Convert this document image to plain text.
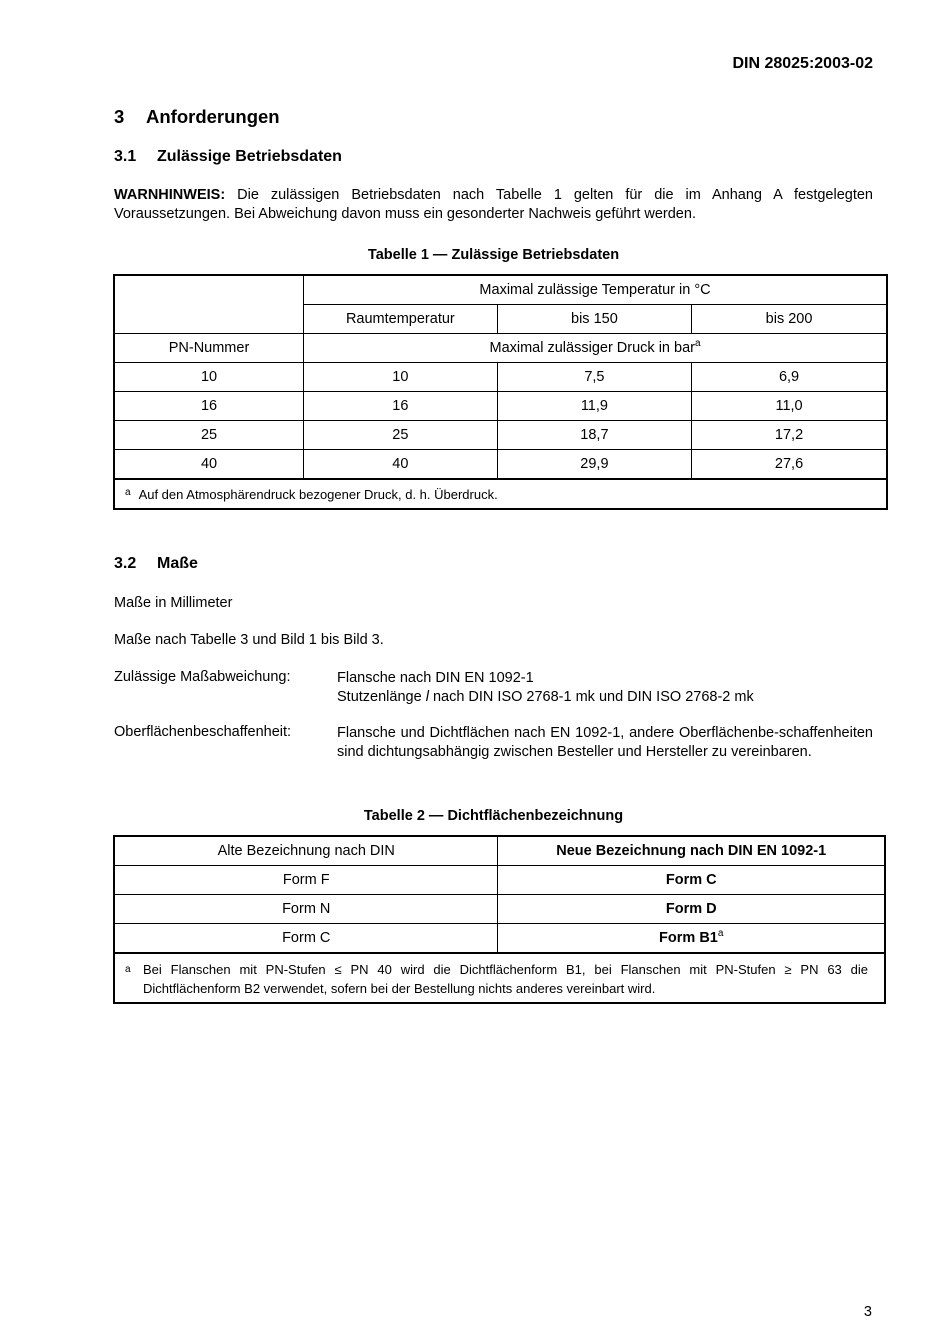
DIN 28025:2003-02
3 Anforderungen
3.1 Zulässige Betriebsdaten
WARNHINWEIS: Die zulässigen Betriebsdaten nach Tabelle 1 gelten für die im Anhang A festgelegten Voraussetzungen. Bei Abweichung davon muss ein gesonderter Nachweis geführt werden.
Tabelle 1 — Zulässige Betriebsdaten
	Maximal zulässige Temperatur in °C		
	Raumtemperatur	bis 150	bis 200
PN-Nummer	Maximal zulässiger Druck in bar$^a$
10	10	7,5	6,9
16	16	11,9	11,0
25	25	18,7	17,2
40	40	29,9	27,6
$^a$ Auf den Atmosphärendruck bezogener Druck, d. h. Überdruck.			
3.2 Maße
Maße in Millimeter
Maße nach Tabelle 3 und Bild 1 bis Bild 3.
Zulässige Maßabweichung:	Flansche nach DIN EN 1092-1
Stutzenlänge l nach DIN ISO 2768-1 mk und DIN ISO 2768-2 mk
Oberflächenbeschaffenheit:	Flansche und Dichtflächen nach EN 1092-1, andere Oberflächenbe-schaffenheiten sind dichtungsabhängig zwischen Besteller und Hersteller zu vereinbaren.
Tabelle 2 — Dichtflächenbezeichnung
Alte Bezeichnung nach DIN	Neue Bezeichnung nach DIN EN 1092-1
Form F	Form C
Form N	Form D
Form C	Form B1$^a$

a Bei Flanschen mit PN-Stufen ≤ PN 40 wird die Dichtflächenform B1, bei Flanschen mit PN-Stufen ≥ PN 63 die Dichtflächenform B2 verwendet, sofern bei der Bestellung nichts anderes vereinbart wird.	
3
